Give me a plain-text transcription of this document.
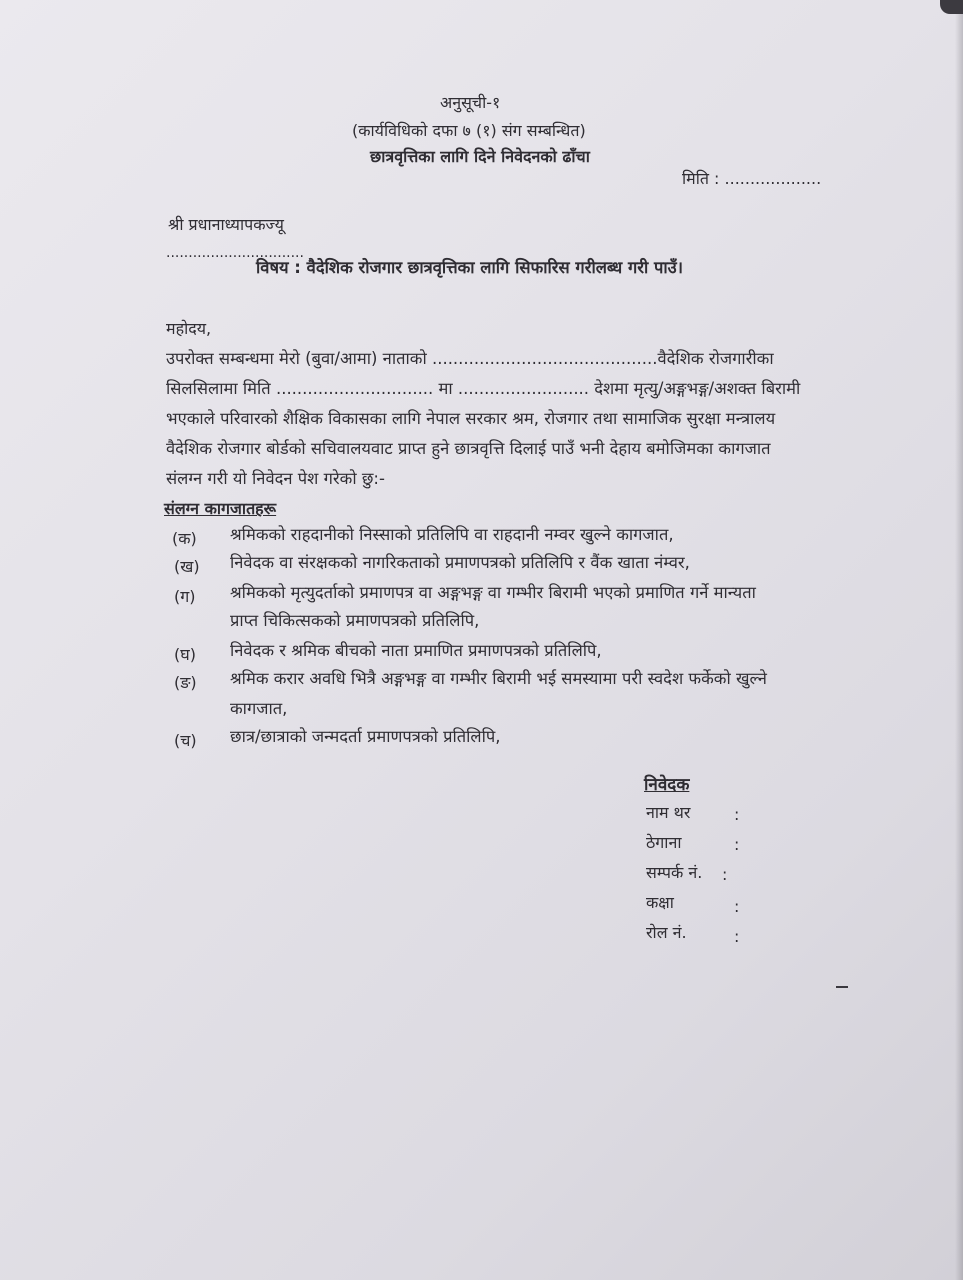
अनुसूची-१
(कार्यविधिको दफा ७ (१) संग सम्बन्धित)
छात्रवृत्तिका लागि दिने निवेदनको ढाँचा
मिति : ...................
श्री प्रधानाध्यापकज्यू
...............................
विषय : वैदेशिक रोजगार छात्रवृत्तिका लागि सिफारिस गरीलब्ध गरी पाउँ।
महोदय,
उपरोक्त सम्बन्धमा मेरो (बुवा/आमा) नाताको ...........................................वैदेशिक रोजगारीका
सिलसिलामा मिति .............................. मा ......................... देशमा मृत्यु/अङ्गभङ्ग/अशक्त बिरामी
भएकाले परिवारको शैक्षिक विकासका लागि नेपाल सरकार श्रम, रोजगार तथा सामाजिक सुरक्षा मन्त्रालय
वैदेशिक रोजगार बोर्डको सचिवालयवाट प्राप्त हुने छात्रवृत्ति दिलाई पाउँ भनी देहाय बमोजिमका कागजात
संलग्न गरी यो निवेदन पेश गरेको छु:-
संलग्न कागजातहरू
(क) श्रमिकको राहदानीको निस्साको प्रतिलिपि वा राहदानी नम्वर खुल्ने कागजात,
(ख) निवेदक वा संरक्षकको नागरिकताको प्रमाणपत्रको प्रतिलिपि र वैंक खाता नंम्वर,
(ग) श्रमिकको मृत्युदर्ताको प्रमाणपत्र वा अङ्गभङ्ग वा गम्भीर बिरामी भएको प्रमाणित गर्ने मान्यता
प्राप्त चिकित्सकको प्रमाणपत्रको प्रतिलिपि,
(घ) निवेदक र श्रमिक बीचको नाता प्रमाणित प्रमाणपत्रको प्रतिलिपि,
(ङ) श्रमिक करार अवधि भित्रै अङ्गभङ्ग वा गम्भीर बिरामी भई समस्यामा परी स्वदेश फर्केको खुल्ने
कागजात,
(च) छात्र/छात्राको जन्मदर्ता प्रमाणपत्रको प्रतिलिपि,
निवेदक
नाम थर	:
ठेगाना	:
सम्पर्क नं. :
कक्षा	:
रोल नं.	:
